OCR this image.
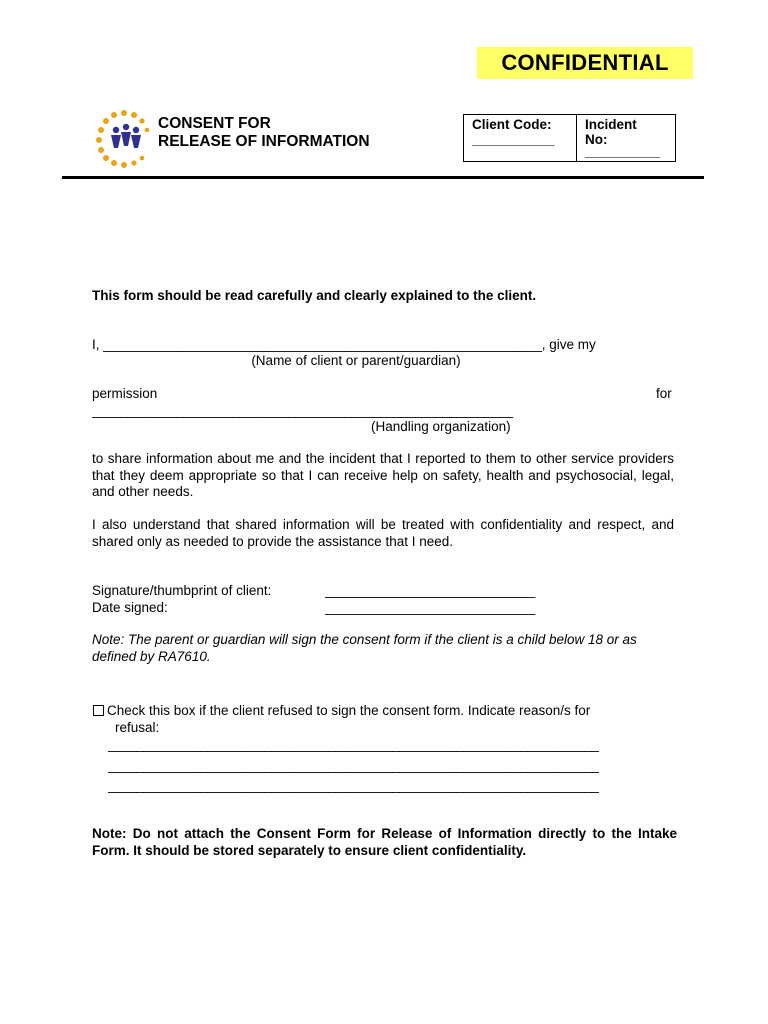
CONFIDENTIAL
CONSENT FOR
RELEASE OF INFORMATION
Client Code:
___________
Incident
No:
__________
This form should be read carefully and clearly explained to the client.
I, ____________________________________________________________, give my
(Name of client or parent/guardian)
permission	for
____________________________________________________________
(Handling organization)
to share information about me and the incident that I reported to them to other service providers that they deem appropriate so that I can receive help on safety, health and psychosocial, legal, and other needs.
I also understand that shared information will be treated with confidentiality and respect, and shared only as needed to provide the assistance that I need.
Signature/thumbprint of client:	____________________________
Date signed:	____________________________
Note: The parent or guardian will sign the consent form if the client is a child below 18 or as defined by RA7610.
Check this box if the client refused to sign the consent form. Indicate reason/s for
refusal:
_____________________________________________________________________
_____________________________________________________________________
_____________________________________________________________________
Note: Do not attach the Consent Form for Release of Information directly to the Intake Form. It should be stored separately to ensure client confidentiality.
